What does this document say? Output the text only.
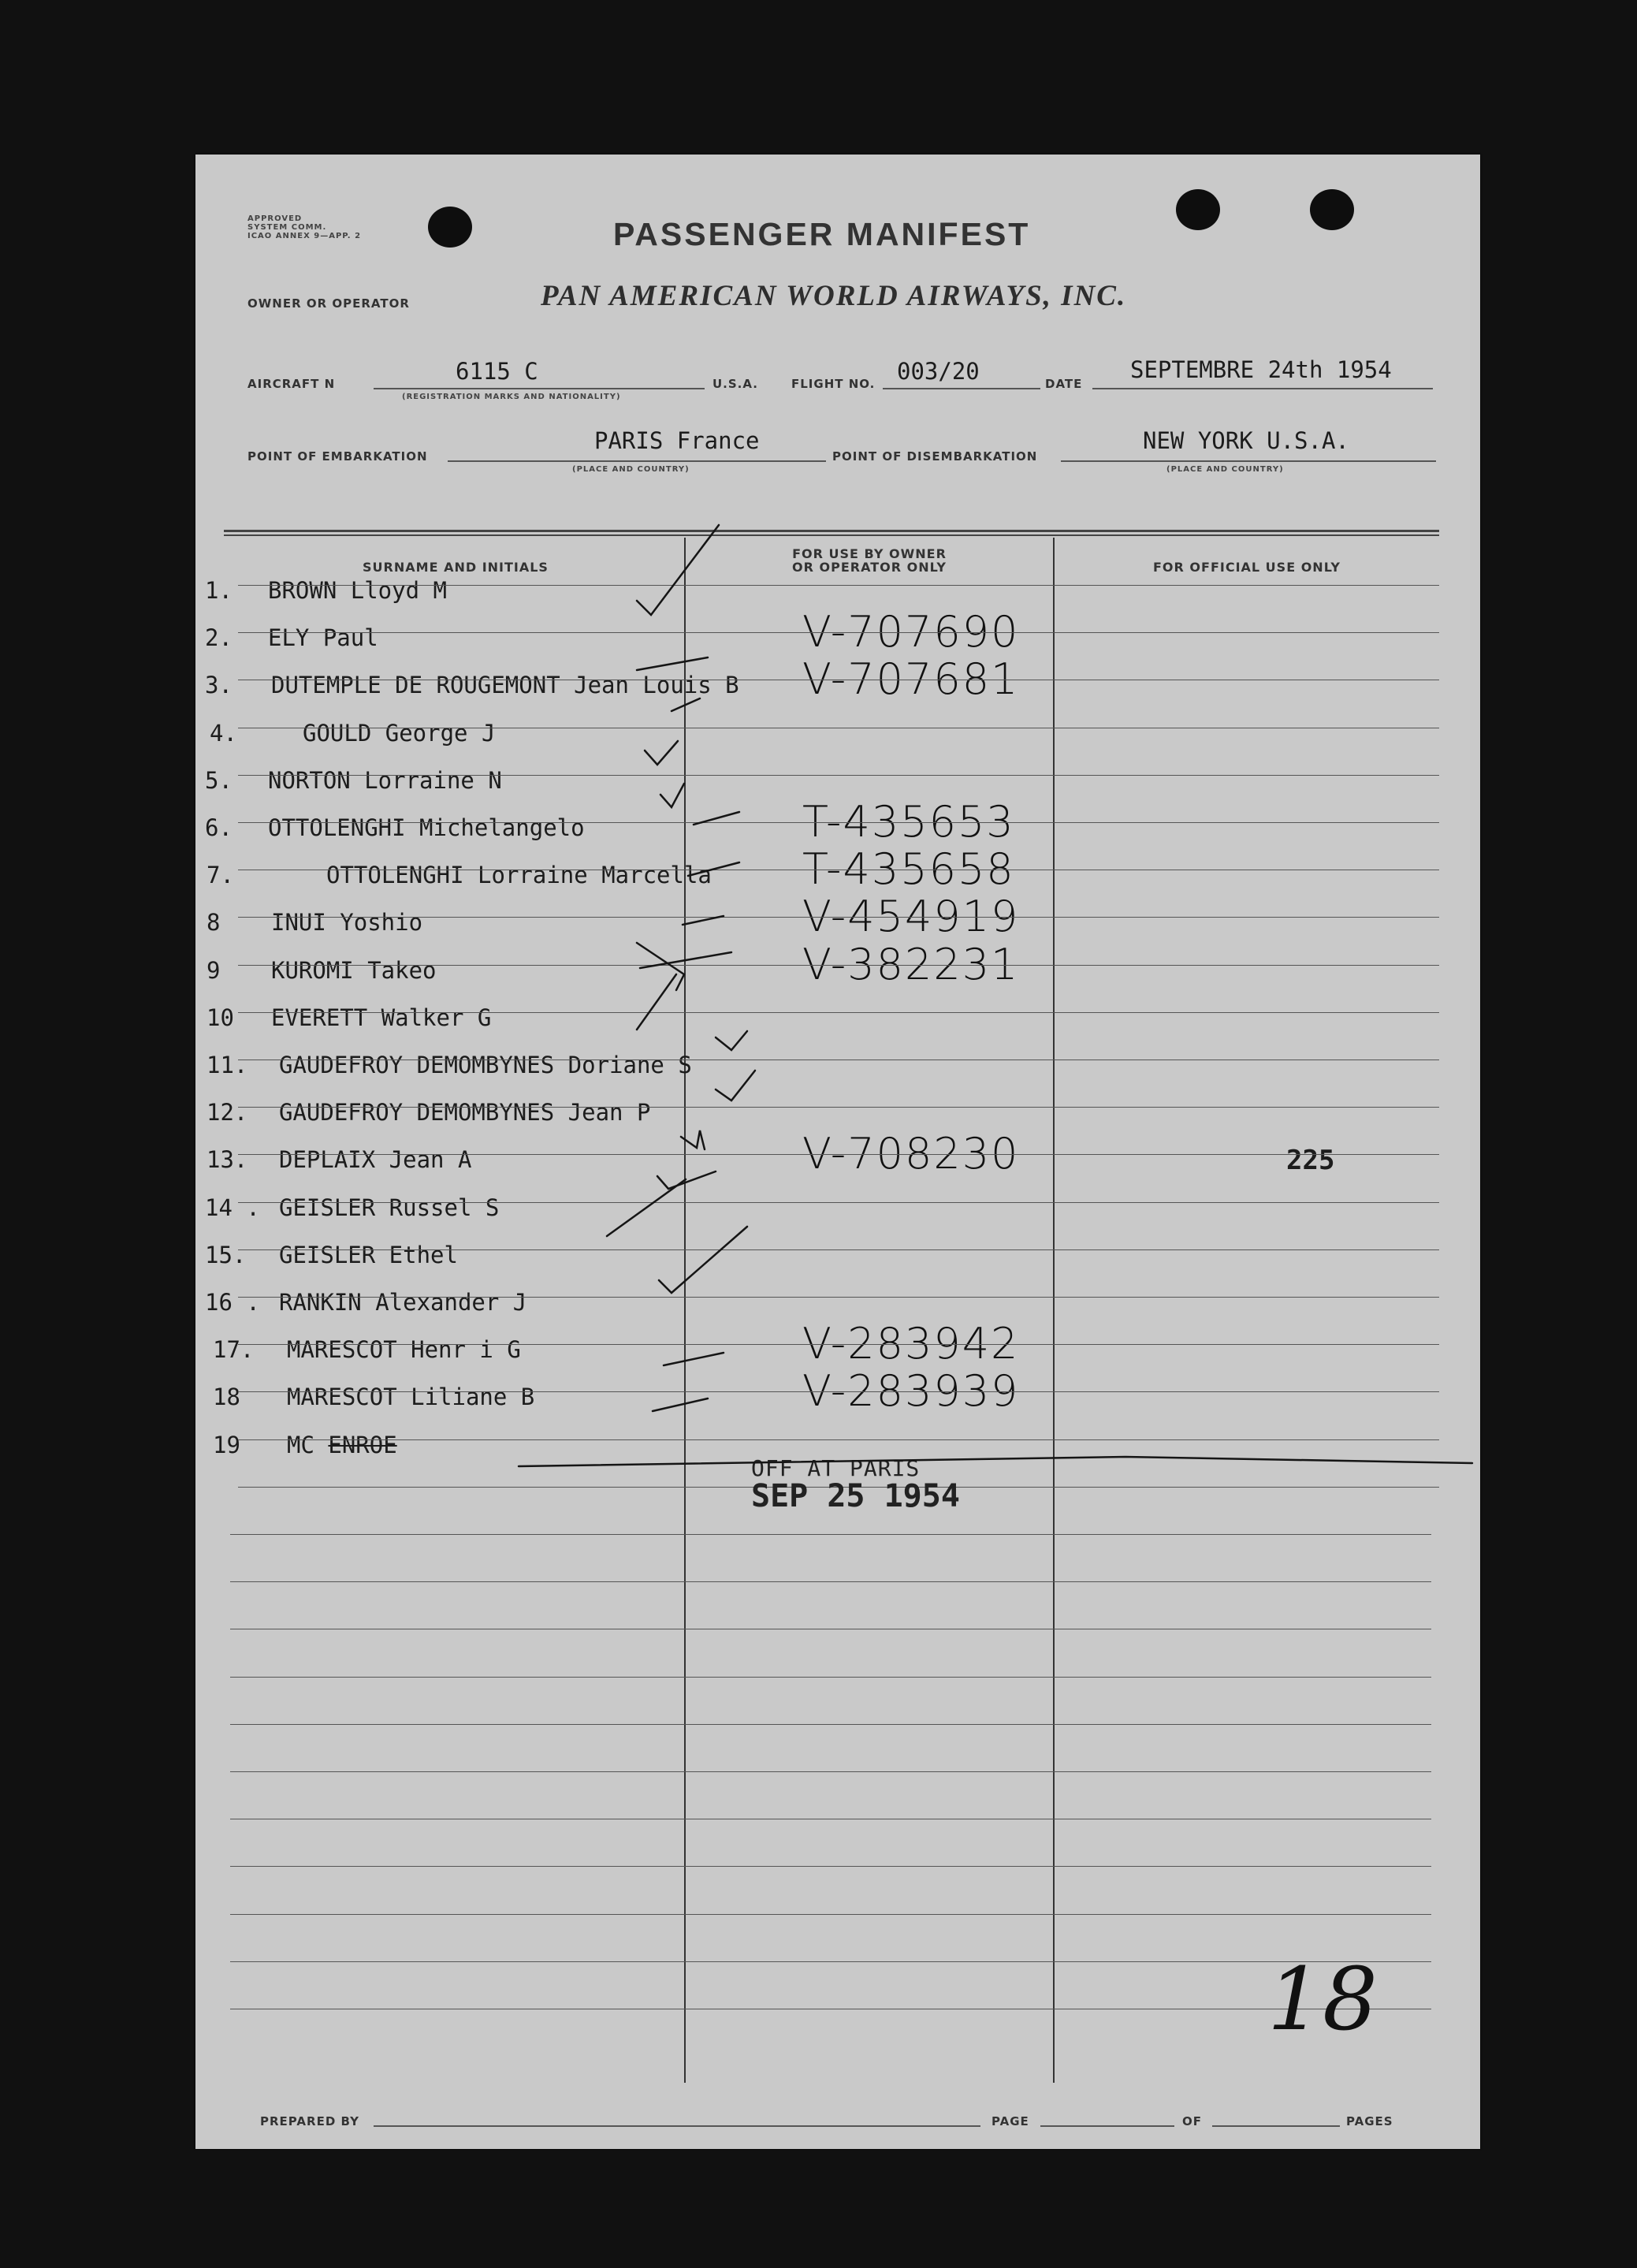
APPROVED
SYSTEM COMM.
ICAO ANNEX 9—APP. 2	PASSENGER MANIFEST
OWNER OR OPERATOR	PAN AMERICAN WORLD AIRWAYS, INC.
AIRCRAFT N	6115 C
(REGISTRATION MARKS AND NATIONALITY)
U.S.A.	FLIGHT NO. 003/20	DATE
SEPTEMBRE 24th 1954
POINT OF EMBARKATION
PARIS France
(PLACE AND COUNTRY)
POINT OF DISEMBARKATION
NEW YORK U.S.A.
(PLACE AND COUNTRY)
SURNAME AND INITIALS
FOR USE BY OWNER
OR OPERATOR ONLY	FOR OFFICIAL USE ONLY
1. BROWN Lloyd M
2. ELY Paul	V-707690
3. DUTEMPLE DE ROUGEMONT Jean Louis B V-707681
4.	GOULD George J
5. NORTON Lorraine N
6. OTTOLENGHI Michelangelo	T-435653
7.	OTTOLENGHI Lorraine Marcella T-435658
8 INUI Yoshio	V-454919
9 KUROMI Takeo	V-382231
10 EVERETT Walker G
11. GAUDEFROY DEMOMBYNES Doriane S
12. GAUDEFROY DEMOMBYNES Jean P
13. DEPLAIX Jean A	V-708230	225
14 . GEISLER Russel S
15. GEISLER Ethel
16 . RANKIN Alexander J
17. MARESCOT Henr i G	V-283942
18 MARESCOT Liliane B	V-283939
19 MC ENROE
OFF AT PARIS
SEP 25 1954
18
PREPARED BY	PAGE	OF	PAGES
